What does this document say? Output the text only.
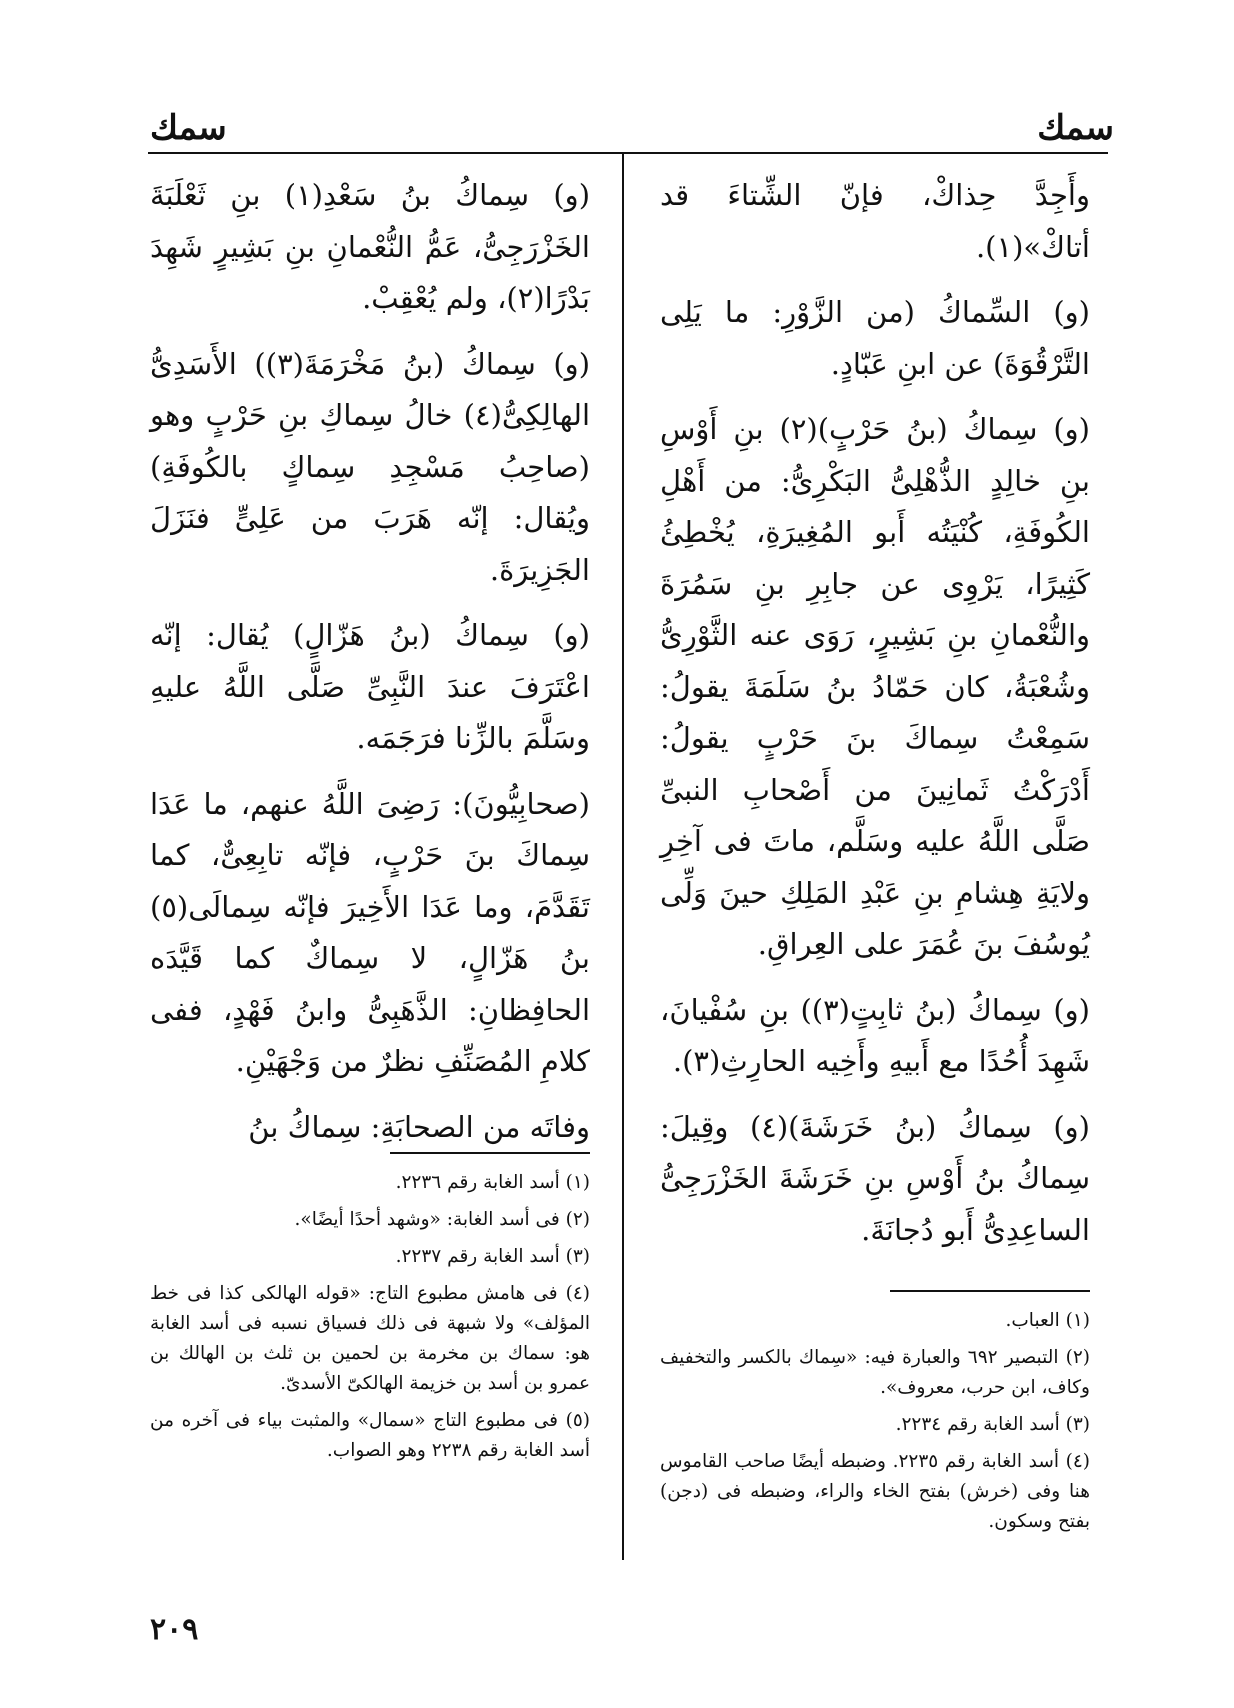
سمك
سمك

وأَجِدَّ حِذاكْ، فإنّ الشِّتاءَ قد أتاكْ»(١).

(و) السِّماكُ (من الزَّوْرِ: ما يَلِى التَّرْقُوَةَ) عن ابنِ عَبّادٍ.

(و) سِماكُ (بنُ حَرْبٍ)(٢) بنِ أَوْسِ بنِ خالِدٍ الذُّهْلِىُّ البَكْرِىُّ: من أَهْلِ الكُوفَةِ، كُنْيَتُه أَبو المُغِيرَةِ، يُخْطِئُ كَثِيرًا، يَرْوِى عن جابِرِ بنِ سَمُرَةَ والنُّعْمانِ بنِ بَشِيرٍ، رَوَى عنه الثَّوْرِىُّ وشُعْبَةُ، كان حَمّادُ بنُ سَلَمَةَ يقولُ: سَمِعْتُ سِماكَ بنَ حَرْبٍ يقولُ: أَدْرَكْتُ ثَمانِينَ من أَصْحابِ النبىِّ صَلَّى اللَّهُ عليه وسَلَّم، ماتَ فى آخِرِ ولايَةِ هِشامِ بنِ عَبْدِ المَلِكِ حينَ وَلِّى يُوسُفَ بنَ عُمَرَ على العِراقِ.

(و) سِماكُ (بنُ ثابِتٍ(٣)) بنِ سُفْيانَ، شَهِدَ أُحُدًا مع أَبيهِ وأَخِيه الحارِثِ(٣).

(و) سِماكُ (بنُ خَرَشَةَ)(٤) وقِيلَ: سِماكُ بنُ أَوْسِ بنِ خَرَشَةَ الخَزْرَجِىُّ الساعِدِىُّ أَبو دُجانَةَ.

(١) العباب.

(٢) التبصير ٦٩٢ والعبارة فيه: «سِماك بالكسر والتخفيف وكاف، ابن حرب، معروف».

(٣) أسد الغابة رقم ٢٢٣٤.

(٤) أسد الغابة رقم ٢٢٣٥. وضبطه أيضًا صاحب القاموس هنا وفى (خرش) بفتح الخاء والراء، وضبطه فى (دجن) بفتح وسكون.

(و) سِماكُ بنُ سَعْدِ(١) بنِ ثَعْلَبَةَ الخَزْرَجِىُّ، عَمُّ النُّعْمانِ بنِ بَشِيرٍ شَهِدَ بَدْرًا(٢)، ولم يُعْقِبْ.

(و) سِماكُ (بنُ مَخْرَمَةَ(٣)) الأَسَدِىُّ الهالِكِىُّ(٤) خالُ سِماكِ بنِ حَرْبٍ وهو (صاحِبُ مَسْجِدِ سِماكٍ بالكُوفَةِ) ويُقال: إنّه هَرَبَ من عَلِىٍّ فنَزَلَ الجَزِيرَةَ.

(و) سِماكُ (بنُ هَزّالٍ) يُقال: إنّه اعْتَرَفَ عندَ النَّبِىِّ صَلَّى اللَّهُ عليهِ وسَلَّمَ بالزِّنا فرَجَمَه.

(صحابِيُّونَ): رَضِىَ اللَّهُ عنهم، ما عَدَا سِماكَ بنَ حَرْبٍ، فإنّه تابِعِىٌّ، كما تَقَدَّمَ، وما عَدَا الأَخِيرَ فإنّه سِمالَى(٥) بنُ هَزّالٍ، لا سِماكٌ كما قَيَّدَه الحافِظانِ: الذَّهَبِىُّ وابنُ فَهْدٍ، ففى كلامِ المُصَنِّفِ نظرٌ من وَجْهَيْنِ.

وفاتَه من الصحابَةِ: سِماكُ بنُ

(١) أسد الغابة رقم ٢٢٣٦.

(٢) فى أسد الغابة: «وشهد أحدًا أيضًا».

(٣) أسد الغابة رقم ٢٢٣٧.

(٤) فى هامش مطبوع التاج: «قوله الهالكى كذا فى خط المؤلف» ولا شبهة فى ذلك فسياق نسبه فى أسد الغابة هو: سماك بن مخرمة بن لحمين بن ثلث بن الهالك بن عمرو بن أسد بن خزيمة الهالكىّ الأسدىّ.

(٥) فى مطبوع التاج «سمال» والمثبت بياء فى آخره من أسد الغابة رقم ٢٢٣٨ وهو الصواب.

٢٠٩
